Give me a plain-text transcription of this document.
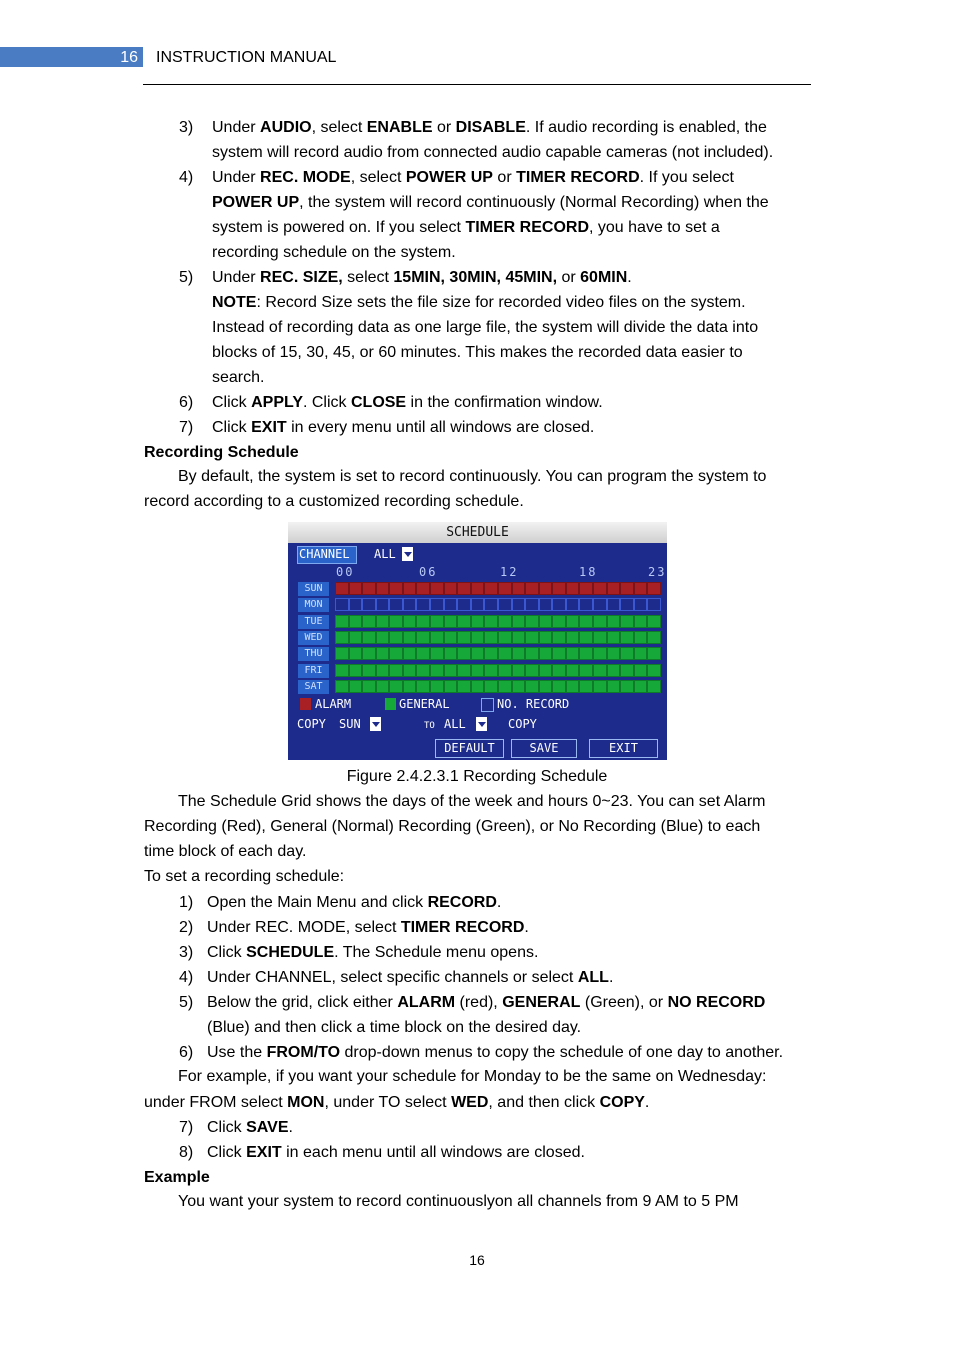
16 INSTRUCTION MANUAL
3) Under AUDIO, select ENABLE or DISABLE. If audio recording is enabled, the
system will record audio from connected audio capable cameras (not included).
4) Under REC. MODE, select POWER UP or TIMER RECORD. If you select
POWER UP, the system will record continuously (Normal Recording) when the
system is powered on. If you select TIMER RECORD, you have to set a
recording schedule on the system.
5) Under REC. SIZE, select 15MIN, 30MIN, 45MIN, or 60MIN.
NOTE: Record Size sets the file size for recorded video files on the system.
Instead of recording data as one large file, the system will divide the data into
blocks of 15, 30, 45, or 60 minutes. This makes the recorded data easier to
search.
6) Click APPLY. Click CLOSE in the confirmation window.
7) Click EXIT in every menu until all windows are closed.
Recording Schedule
By default, the system is set to record continuously. You can program the system to
record according to a customized recording schedule.
SCHEDULE
CHANNEL ALL
00	06	12	18	23
SUN
MON
TUE
WED
THU
FRI
SAT
ALARM	GENERAL	NO. RECORD
COPY SUN	TO ALL	COPY
DEFAULT	SAVE	EXIT
Figure 2.4.2.3.1 Recording Schedule
The Schedule Grid shows the days of the week and hours 0~23. You can set Alarm
Recording (Red), General (Normal) Recording (Green), or No Recording (Blue) to each
time block of each day.
To set a recording schedule:
1) Open the Main Menu and click RECORD.
2) Under REC. MODE, select TIMER RECORD.
3) Click SCHEDULE. The Schedule menu opens.
4) Under CHANNEL, select specific channels or select ALL.
5) Below the grid, click either ALARM (red), GENERAL (Green), or NO RECORD
(Blue) and then click a time block on the desired day.
6) Use the FROM/TO drop-down menus to copy the schedule of one day to another.
For example, if you want your schedule for Monday to be the same on Wednesday:
under FROM select MON, under TO select WED, and then click COPY.
7) Click SAVE.
8) Click EXIT in each menu until all windows are closed.
Example
You want your system to record continuouslyon all channels from 9 AM to 5 PM
16
